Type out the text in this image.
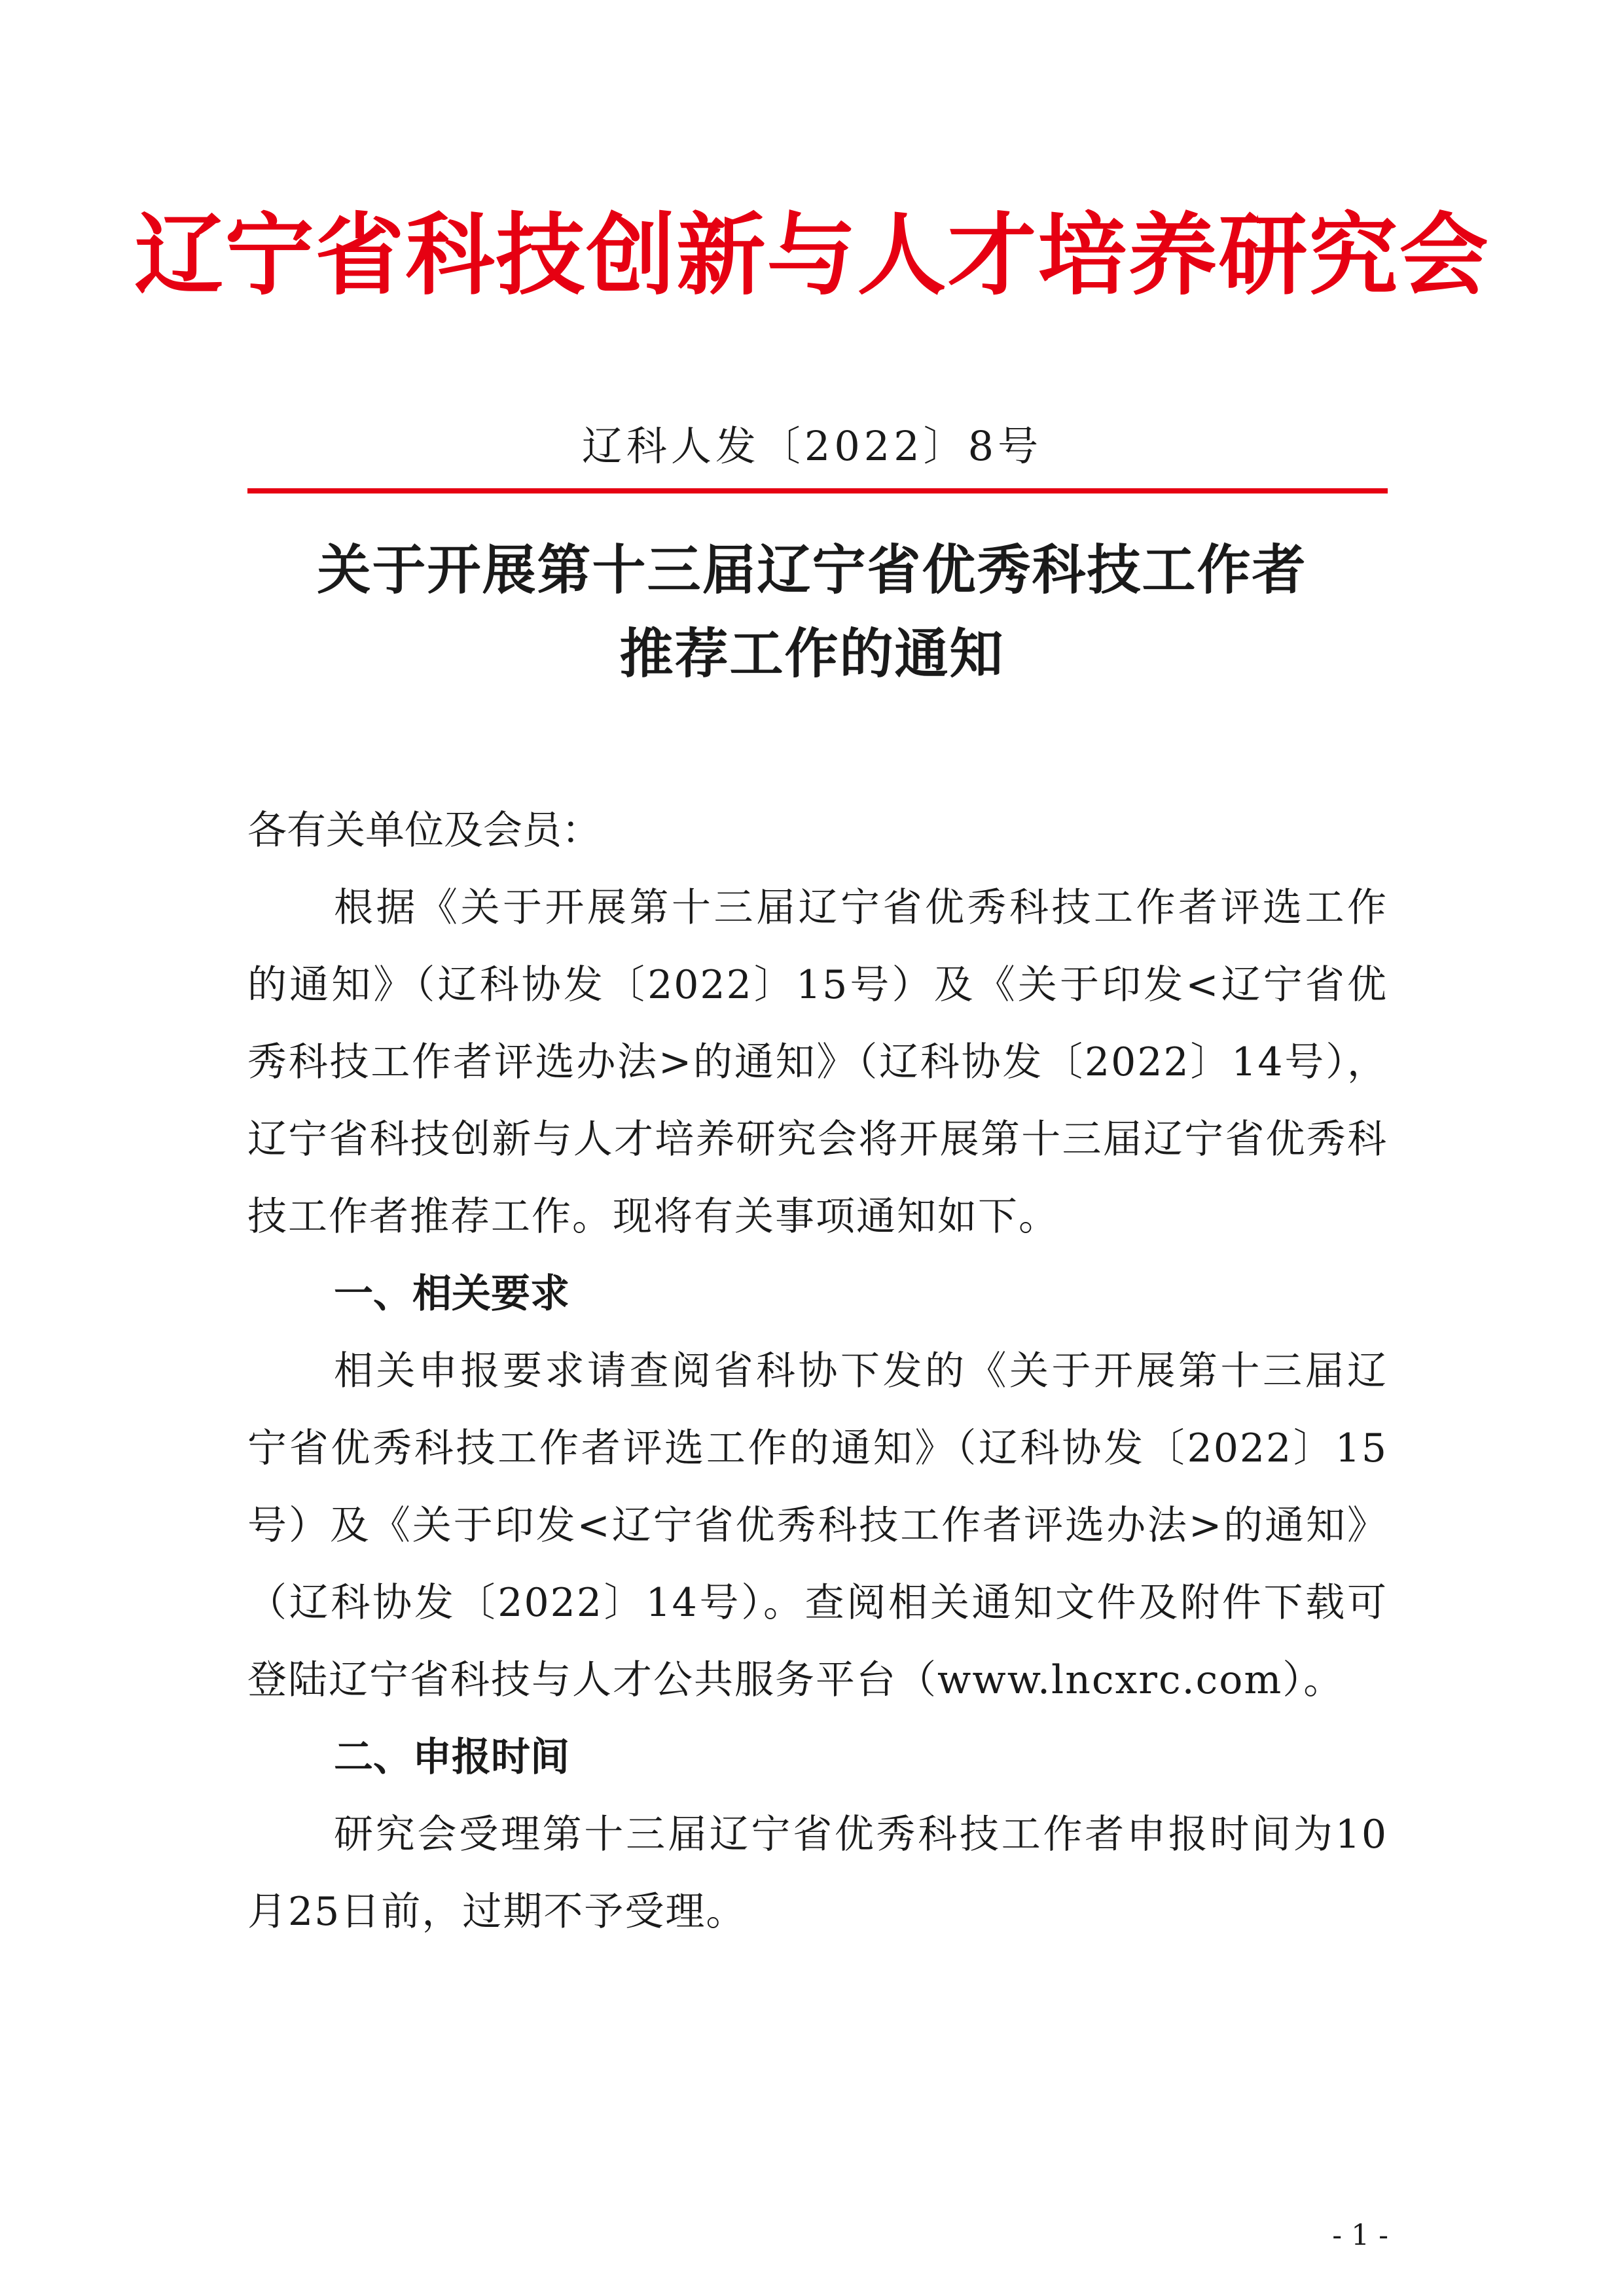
辽宁省科技创新与人才培养研究会
辽科人发〔2022〕8号
关于开展第十三届辽宁省优秀科技工作者
推荐工作的通知
各有关单位及会员：

根据《关于开展第十三届辽宁省优秀科技工作者评选工作的通知》（辽科协发〔2022〕15号）及《关于印发<辽宁省优秀科技工作者评选办法>的通知》（辽科协发〔2022〕14号），辽宁省科技创新与人才培养研究会将开展第十三届辽宁省优秀科技工作者推荐工作。现将有关事项通知如下。

一、相关要求

相关申报要求请查阅省科协下发的《关于开展第十三届辽宁省优秀科技工作者评选工作的通知》（辽科协发〔2022〕15号）及《关于印发<辽宁省优秀科技工作者评选办法>的通知》（辽科协发〔2022〕14号）。查阅相关通知文件及附件下载可登陆辽宁省科技与人才公共服务平台（www.lncxrc.com）。

二、申报时间

研究会受理第十三届辽宁省优秀科技工作者申报时间为10月25日前，过期不予受理。

- 1 -
